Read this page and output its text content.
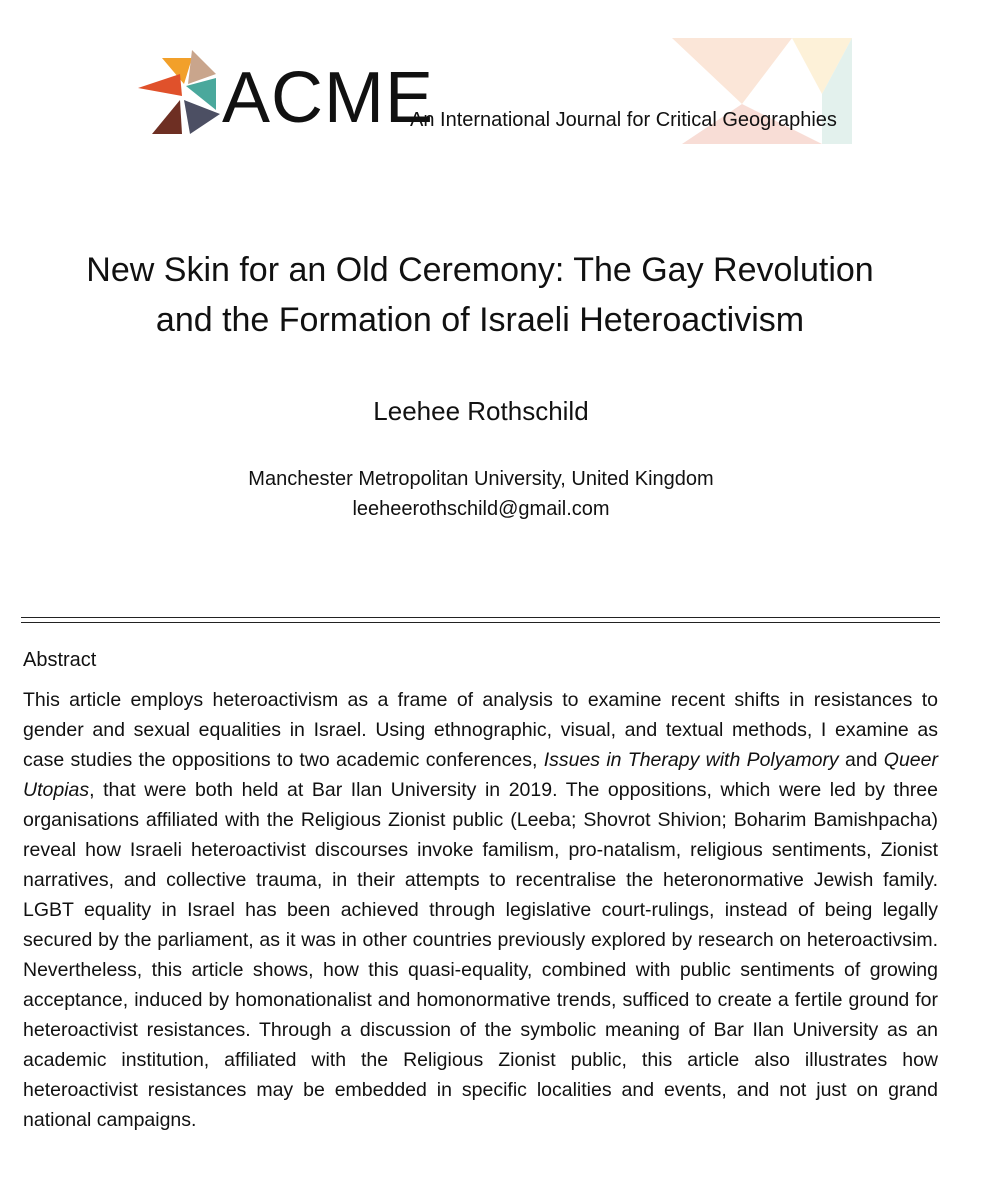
ACME
An International Journal for Critical Geographies
New Skin for an Old Ceremony: The Gay Revolution
and the Formation of Israeli Heteroactivism
Leehee Rothschild
Manchester Metropolitan University, United Kingdom
leeheerothschild@gmail.com
Abstract

This article employs heteroactivism as a frame of analysis to examine recent shifts in resistances to gender and sexual equalities in Israel. Using ethnographic, visual, and textual methods, I examine as case studies the oppositions to two academic conferences, Issues in Therapy with Polyamory and Queer Utopias, that were both held at Bar Ilan University in 2019. The oppositions, which were led by three organisations affiliated with the Religious Zionist public (Leeba; Shovrot Shivion; Boharim Bamishpacha) reveal how Israeli heteroactivist discourses invoke familism, pro-natalism, religious sentiments, Zionist narratives, and collective trauma, in their attempts to recentralise the heteronormative Jewish family. LGBT equality in Israel has been achieved through legislative court-rulings, instead of being legally secured by the parliament, as it was in other countries previously explored by research on heteroactivsim. Nevertheless, this article shows, how this quasi-equality, combined with public sentiments of growing acceptance, induced by homonationalist and homonormative trends, sufficed to create a fertile ground for heteroactivist resistances. Through a discussion of the symbolic meaning of Bar Ilan University as an academic institution, affiliated with the Religious Zionist public, this article also illustrates how heteroactivist resistances may be embedded in specific localities and events, and not just on grand national campaigns.
